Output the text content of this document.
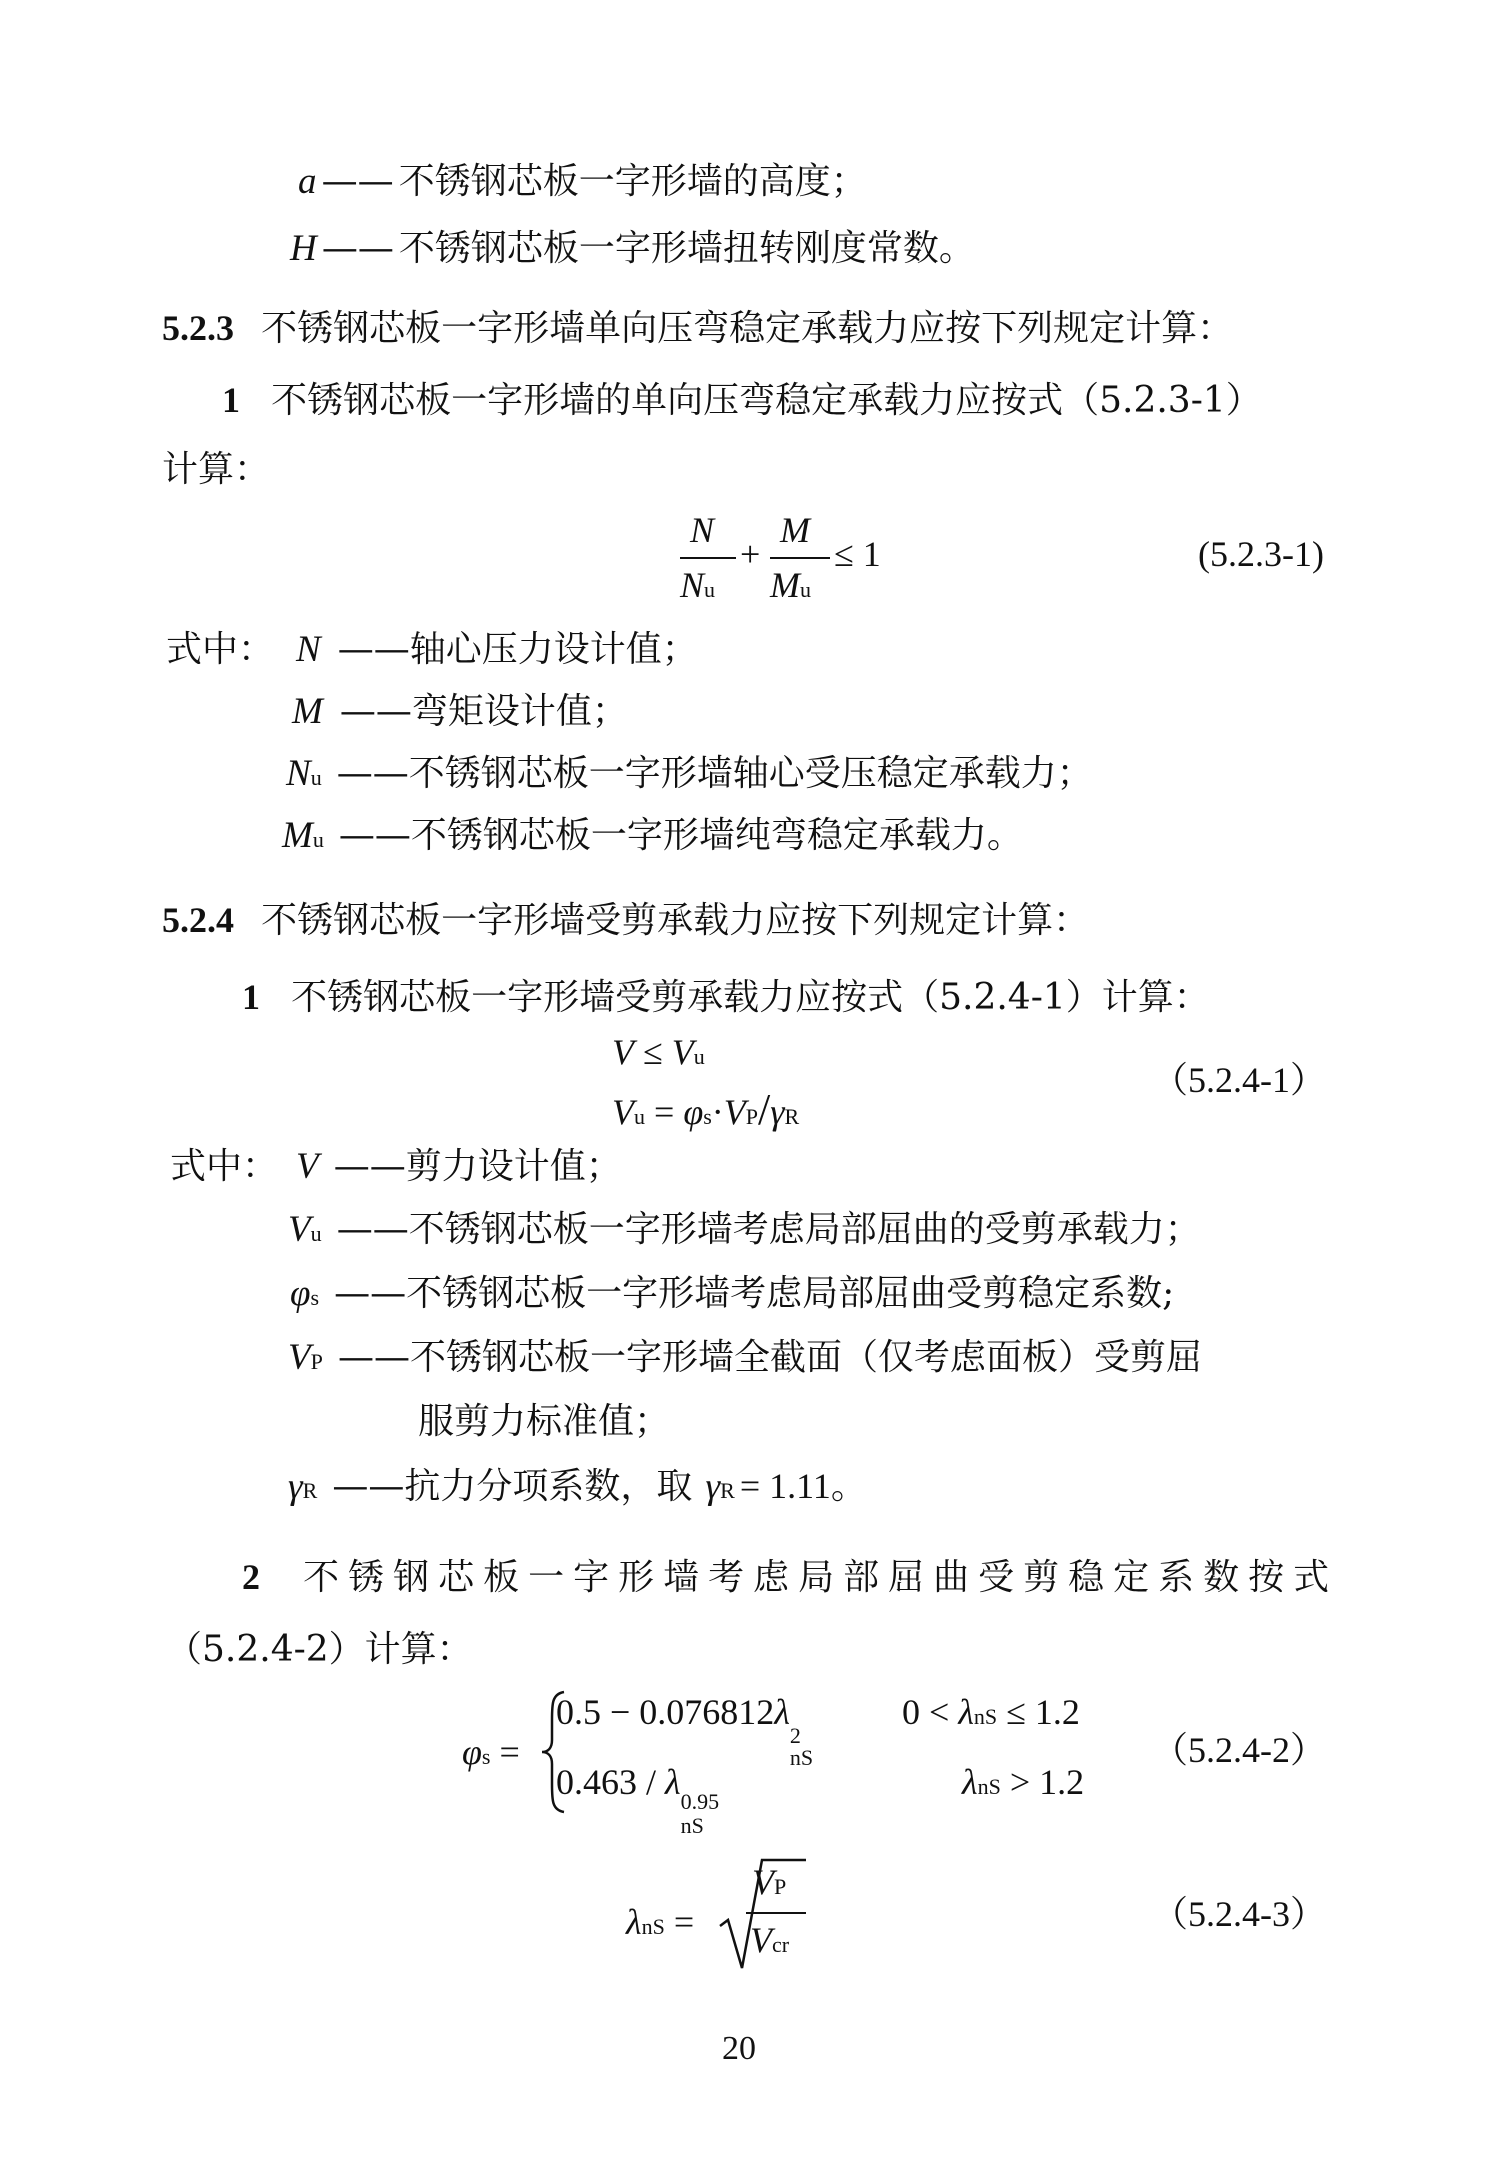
a —— 不锈钢芯板一字形墙的高度；
H —— 不锈钢芯板一字形墙扭转刚度常数。
5.2.3 不锈钢芯板一字形墙单向压弯稳定承载力应按下列规定计算：
1 不锈钢芯板一字形墙的单向压弯稳定承载力应按式（5.2.3-1）
计算：
N
Nu
+
M
Mu
≤ 1	(5.2.3-1)
式中： N ——轴心压力设计值；
M ——弯矩设计值；
Nu ——不锈钢芯板一字形墙轴心受压稳定承载力；
Mu ——不锈钢芯板一字形墙纯弯稳定承载力。
5.2.4 不锈钢芯板一字形墙受剪承载力应按下列规定计算：
1 不锈钢芯板一字形墙受剪承载力应按式（5.2.4-1）计算：
V ≤ Vu
Vu = φs·VP/γR
（5.2.4-1）
式中： V ——剪力设计值；
Vu ——不锈钢芯板一字形墙考虑局部屈曲的受剪承载力；
φs ——不锈钢芯板一字形墙考虑局部屈曲受剪稳定系数;
VP ——不锈钢芯板一字形墙全截面（仅考虑面板）受剪屈
服剪力标准值；
γR ——抗力分项系数，取 γR = 1.11。
2 不锈钢芯板一字形墙考虑局部屈曲受剪稳定系数按式
（5.2.4-2）计算：
φs =
0.5 − 0.076812λ
2
nS
0 < λnS ≤ 1.2
0.463 / λ 0.95
nS
λnS > 1.2
（5.2.4-2）
λnS =
VP
Vcr
（5.2.4-3）
20
